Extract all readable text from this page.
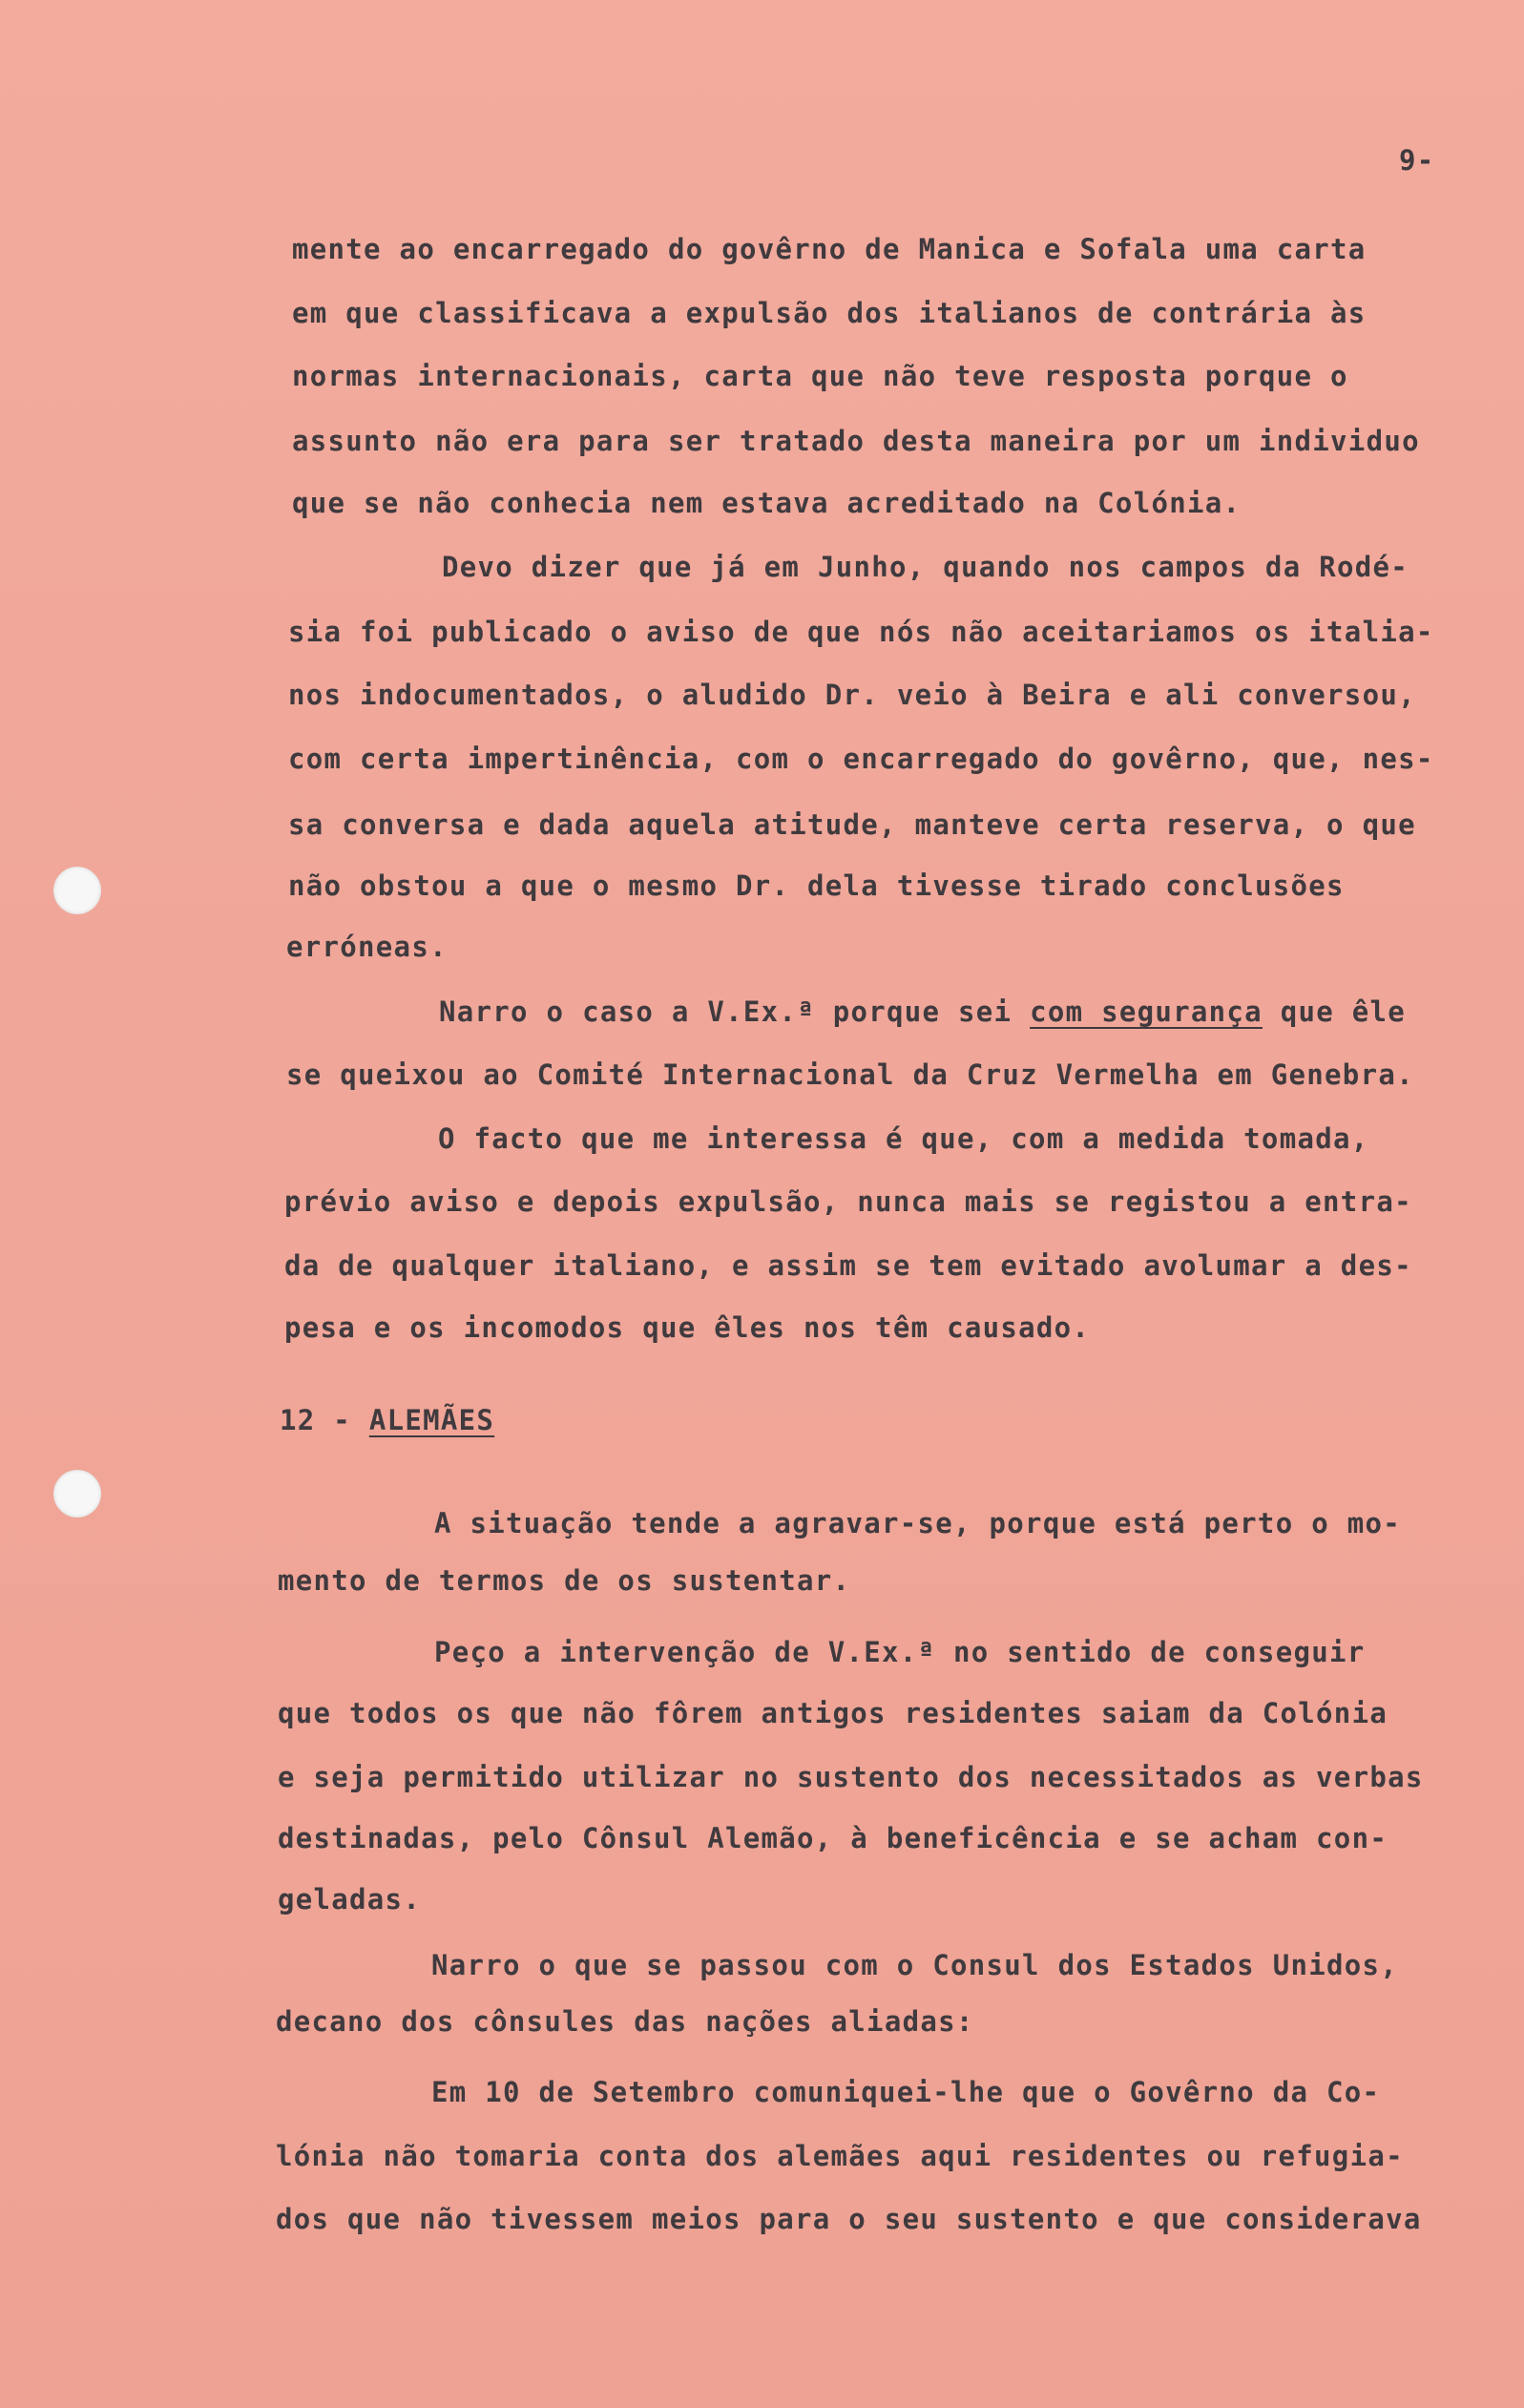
9-
mente ao encarregado do govêrno de Manica e Sofala uma carta
em que classificava a expulsão dos italianos de contrária às
normas internacionais, carta que não teve resposta porque o
assunto não era para ser tratado desta maneira por um individuo
que se não conhecia nem estava acreditado na Colónia.
Devo dizer que já em Junho, quando nos campos da Rodé-
sia foi publicado o aviso de que nós não aceitariamos os italia-
nos indocumentados, o aludido Dr. veio à Beira e ali conversou,
com certa impertinência, com o encarregado do govêrno, que, nes-
sa conversa e dada aquela atitude, manteve certa reserva, o que
não obstou a que o mesmo Dr. dela tivesse tirado conclusões
erróneas.
Narro o caso a V.Ex.ª porque sei com segurança que êle
se queixou ao Comité Internacional da Cruz Vermelha em Genebra.
O facto que me interessa é que, com a medida tomada,
prévio aviso e depois expulsão, nunca mais se registou a entra-
da de qualquer italiano, e assim se tem evitado avolumar a des-
pesa e os incomodos que êles nos têm causado.
12 - ALEMÃES
A situação tende a agravar-se, porque está perto o mo-
mento de termos de os sustentar.
Peço a intervenção de V.Ex.ª no sentido de conseguir
que todos os que não fôrem antigos residentes saiam da Colónia
e seja permitido utilizar no sustento dos necessitados as verbas
destinadas, pelo Cônsul Alemão, à beneficência e se acham con-
geladas.
Narro o que se passou com o Consul dos Estados Unidos,
decano dos cônsules das nações aliadas:
Em 10 de Setembro comuniquei-lhe que o Govêrno da Co-
lónia não tomaria conta dos alemães aqui residentes ou refugia-
dos que não tivessem meios para o seu sustento e que considerava
